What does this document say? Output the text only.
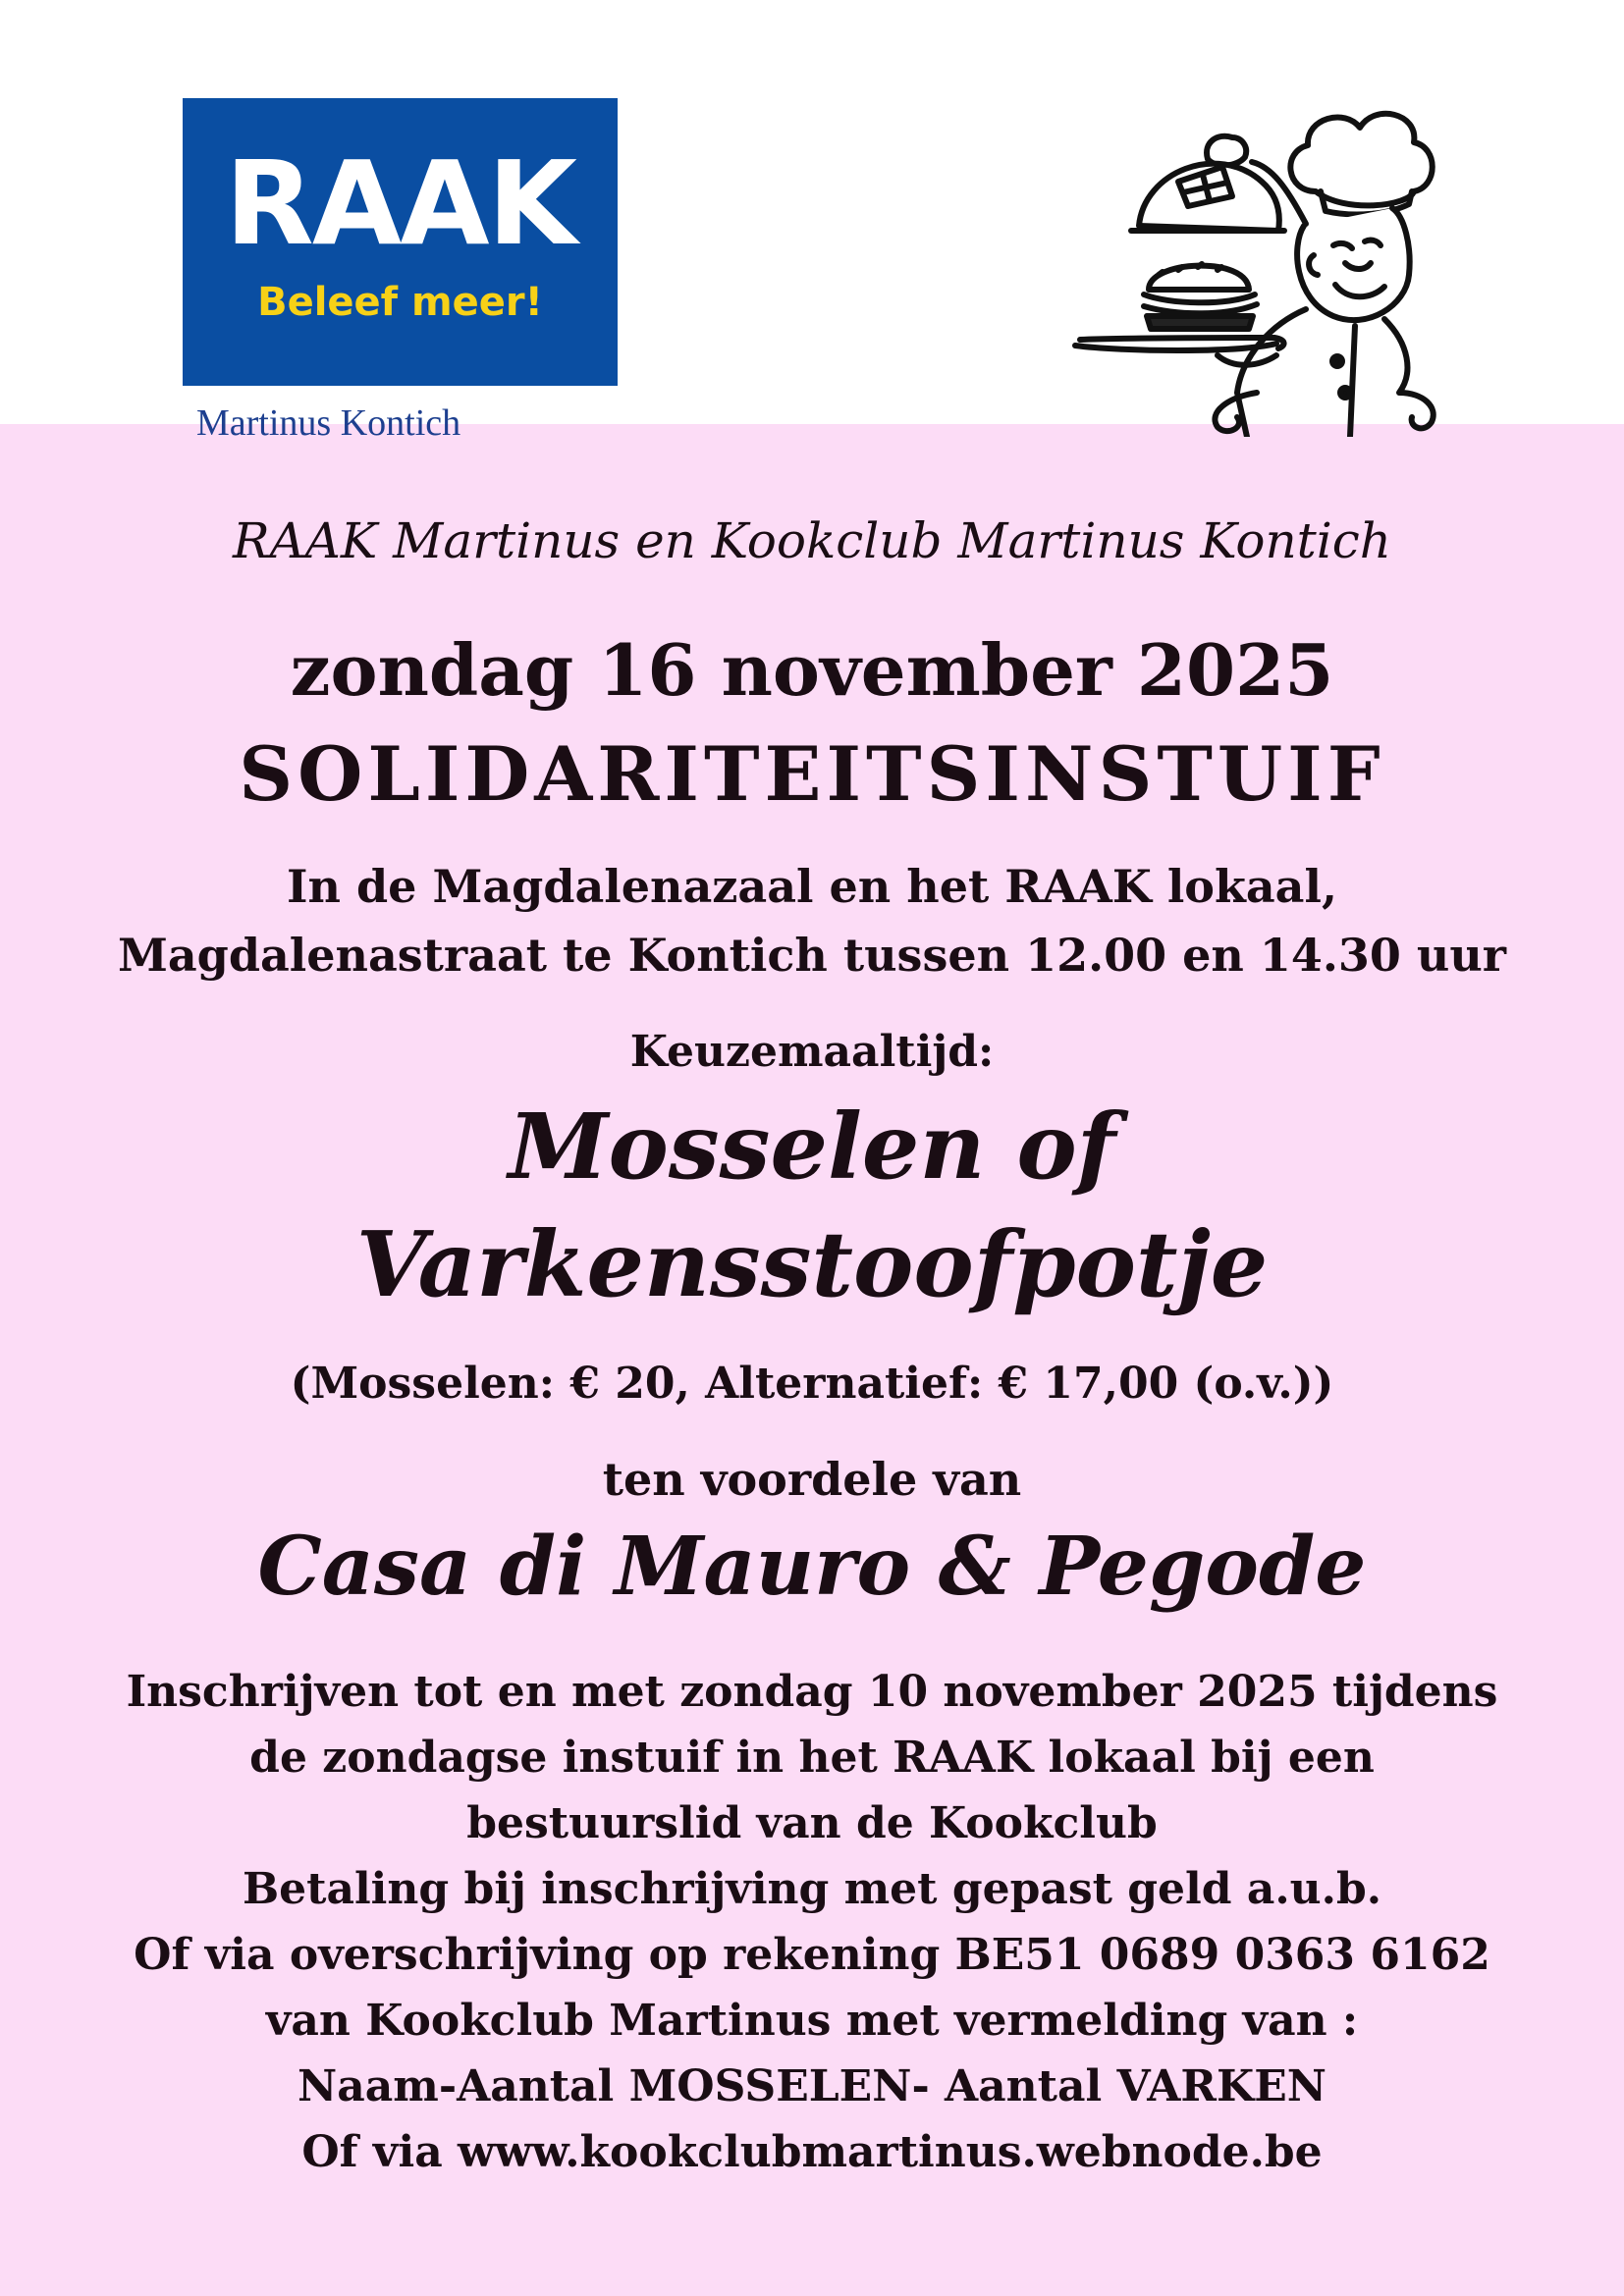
RAAK
Beleef meer!
Martinus Kontich
RAAK Martinus en Kookclub Martinus Kontich
zondag 16 november 2025
SOLIDARITEITSINSTUIF
In de Magdalenazaal en het RAAK lokaal,
Magdalenastraat te Kontich tussen 12.00 en 14.30 uur
Keuzemaaltijd:
Mosselen of
Varkensstoofpotje
(Mosselen: € 20, Alternatief: € 17,00 (o.v.))
ten voordele van
Casa di Mauro & Pegode
Inschrijven tot en met zondag 10 november 2025 tijdens
de zondagse instuif in het RAAK lokaal bij een
bestuurslid van de Kookclub
Betaling bij inschrijving met gepast geld a.u.b.
Of via overschrijving op rekening BE51 0689 0363 6162
van Kookclub Martinus met vermelding van :
Naam-Aantal MOSSELEN- Aantal VARKEN
Of via www.kookclubmartinus.webnode.be
